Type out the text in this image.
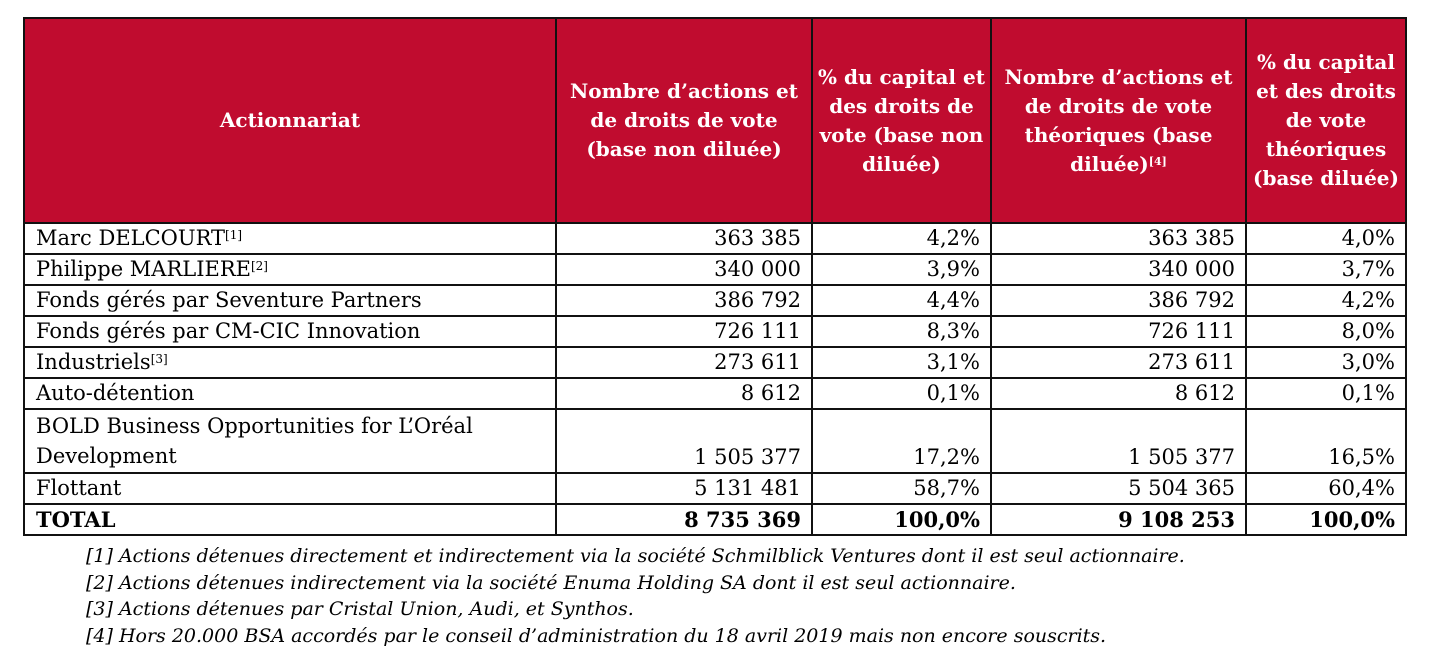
Actionnariat	Nombre d’actions et de droits de vote (base non diluée)	% du capital et des droits de vote (base non diluée)	Nombre d’actions et de droits de vote théoriques (base diluée)[4]	% du capital et des droits de vote théoriques (base diluée)
Marc DELCOURT[1]	363 385	4,2%	363 385	4,0%
Philippe MARLIERE[2]	340 000	3,9%	340 000	3,7%
Fonds gérés par Seventure Partners	386 792	4,4%	386 792	4,2%
Fonds gérés par CM-CIC Innovation	726 111	8,3%	726 111	8,0%
Industriels[3]	273 611	3,1%	273 611	3,0%
Auto-détention	8 612	0,1%	8 612	0,1%
BOLD Business Opportunities for L’Oréal Development	1 505 377	17,2%	1 505 377	16,5%
Flottant	5 131 481	58,7%	5 504 365	60,4%
TOTAL	8 735 369	100,0%	9 108 253	100,0%
[1] Actions détenues directement et indirectement via la société Schmilblick Ventures dont il est seul actionnaire.
[2] Actions détenues indirectement via la société Enuma Holding SA dont il est seul actionnaire.
[3] Actions détenues par Cristal Union, Audi, et Synthos.
[4] Hors 20.000 BSA accordés par le conseil d’administration du 18 avril 2019 mais non encore souscrits.
